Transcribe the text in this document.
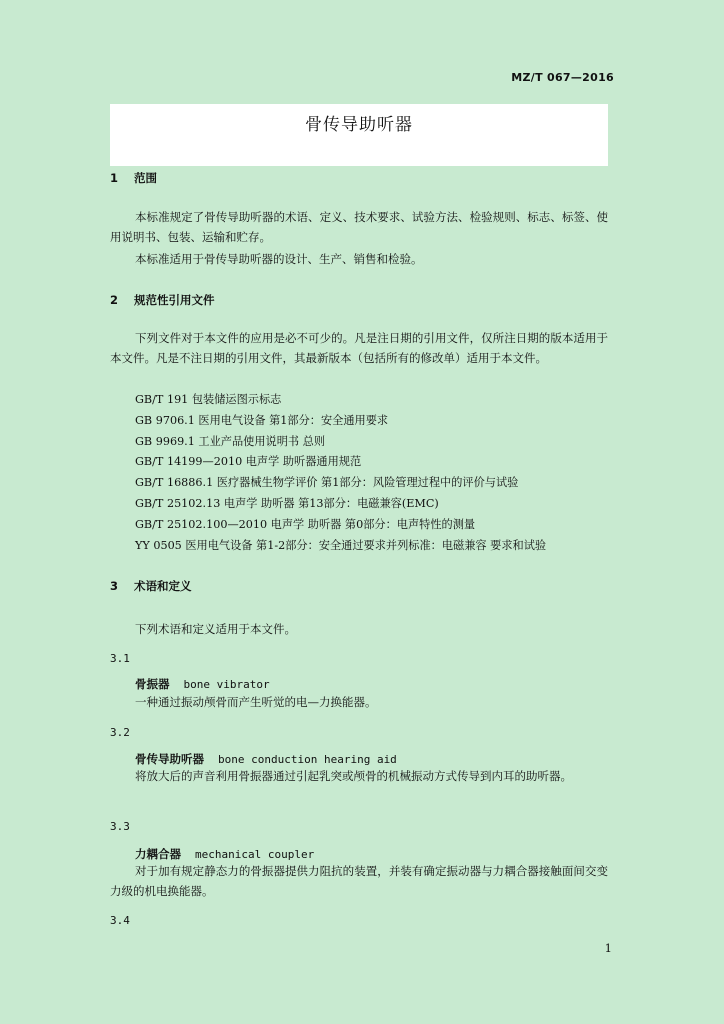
MZ/T 067—2016
骨传导助听器
1 范围
本标准规定了骨传导助听器的术语、定义、技术要求、试验方法、检验规则、标志、标签、使用说明书、包装、运输和贮存。
本标准适用于骨传导助听器的设计、生产、销售和检验。
2 规范性引用文件
下列文件对于本文件的应用是必不可少的。凡是注日期的引用文件，仅所注日期的版本适用于本文件。凡是不注日期的引用文件，其最新版本（包括所有的修改单）适用于本文件。
GB/T 191 包装储运图示标志
GB 9706.1 医用电气设备 第1部分：安全通用要求
GB 9969.1 工业产品使用说明书 总则
GB/T 14199—2010 电声学 助听器通用规范
GB/T 16886.1 医疗器械生物学评价 第1部分：风险管理过程中的评价与试验
GB/T 25102.13 电声学 助听器 第13部分：电磁兼容(EMC)
GB/T 25102.100—2010 电声学 助听器 第0部分：电声特性的测量
YY 0505 医用电气设备 第1-2部分：安全通过要求并列标准：电磁兼容 要求和试验
3 术语和定义
下列术语和定义适用于本文件。
3.1
骨振器 bone vibrator
一种通过振动颅骨而产生听觉的电—力换能器。
3.2
骨传导助听器 bone conduction hearing aid
将放大后的声音利用骨振器通过引起乳突或颅骨的机械振动方式传导到内耳的助听器。
3.3
力耦合器 mechanical coupler
对于加有规定静态力的骨振器提供力阻抗的装置，并装有确定振动器与力耦合器接触面间交变力级的机电换能器。
3.4
1
